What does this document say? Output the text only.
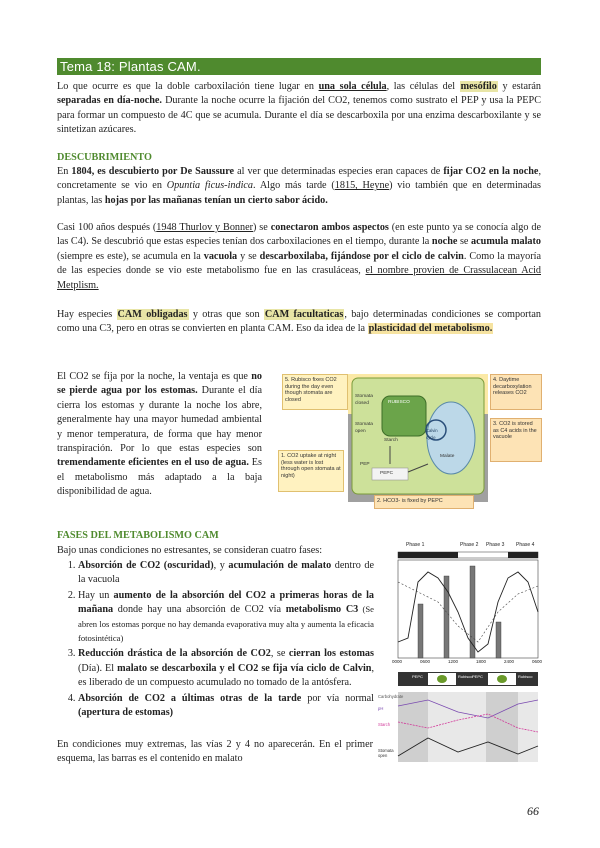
Tema 18: Plantas CAM.
Lo que ocurre es que la doble carboxilación tiene lugar en una sola célula, las células del mesófilo y estarán separadas en día-noche. Durante la noche ocurre la fijación del CO2, tenemos como sustrato el PEP y usa la PEPC para formar un compuesto de 4C que se acumula. Durante el día se descarboxila por una enzima descarboxilante y se sintetizan azúcares.
DESCUBRIMIENTO
En 1804, es descubierto por De Saussure al ver que determinadas especies eran capaces de fijar CO2 en la noche, concretamente se vio en Opuntia ficus-indica. Algo más tarde (1815, Heyne) vio también que en determinadas plantas, las hojas por las mañanas tenían un cierto sabor ácido.
Casi 100 años después (1948 Thurlov y Bonner) se conectaron ambos aspectos (en este punto ya se conocía algo de las C4). Se descubrió que estas especies tenían dos carboxilaciones en el tiempo, durante la noche se acumula malato (siempre es este), se acumula en la vacuola y se descarboxilaba, fijándose por el ciclo de calvin. Como la mayoría de las especies donde se vio este metabolismo fue en las crasuláceas, el nombre provien de Crassulacean Acid Metplism.
Hay especies CAM obligadas y otras que son CAM facultaticas, bajo determinadas condiciones se comportan como una C3, pero en otras se convierten en planta CAM. Eso da idea de la plasticidad del metabolismo.
El CO2 se fija por la noche, la ventaja es que no se pierde agua por los estomas. Durante el día cierra los estomas y durante la noche los abre, generalmente hay una mayor humedad ambiental y menor temperatura, de forma que hay menor transpiración. Por lo que estas especies son tremendamente eficientes en el uso de agua. Es el metabolismo más adaptado a la baja disponibilidad de agua.
5. Rubisco fixes CO2 during the day even though stomata are closed
4. Daytime decarboxylation releases CO2
1. CO2 uptake at night (less water is lost through open stomata at night)
3. CO2 is stored as C4 acids in the vacuole
2. HCO3- is fixed by PEPC
Stomata closed
Stomata open
RUBISCO
Calvin cycle
Starch
PEP
PEPC
Malate
FASES DEL METABOLISMO CAM
Bajo unas condiciones no estresantes, se consideran cuatro fases:
1. Absorción de CO2 (oscuridad), y acumulación de malato dentro de la vacuola
2. Hay un aumento de la absorción del CO2 a primeras horas de la mañana donde hay una absorción de CO2 vía metabolismo C3 (Se abren los estomas porque no hay demanda evaporativa muy alta y aumenta la eficacia fotosintética)
3. Reducción drástica de la absorción de CO2, se cierran los estomas (Día). El malato se descarboxila y el CO2 se fija vía ciclo de Calvin, es liberado de un compuesto acumulado no tomado de la antósfera.
4. Absorción de CO2 a últimas otras de la tarde por vía normal (apertura de estomas)
En condiciones muy extremas, las vías 2 y 4 no aparecerán. En el primer esquema, las barras es el contenido en malato
Phase 1	Phase 2 Phase 3 Phase 4
0000	0600	1200	1800	2400	0600
PEPC	Rubisco PEPC	Rubisco
Carbohydrate
pH
Starch
Stomata open
66
